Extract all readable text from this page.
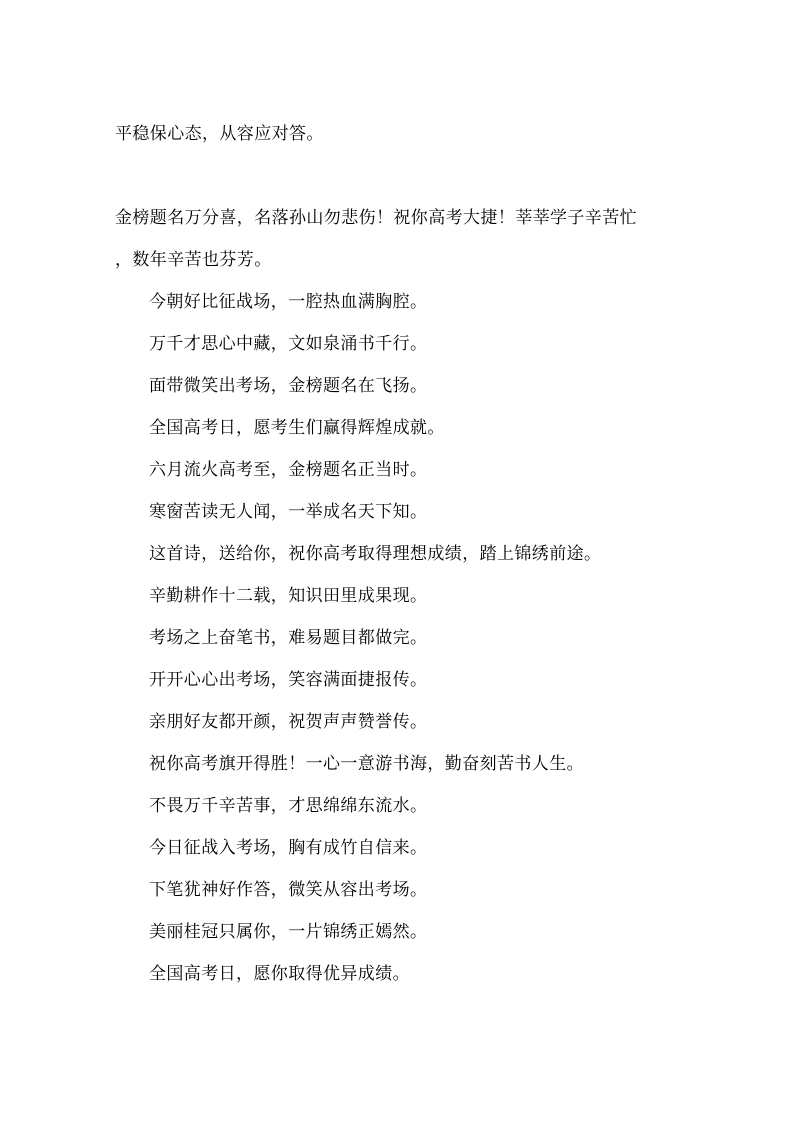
平稳保心态，从容应对答。
金榜题名万分喜，名落孙山勿悲伤！祝你高考大捷！莘莘学子辛苦忙
，数年辛苦也芬芳。
今朝好比征战场，一腔热血满胸腔。
万千才思心中藏，文如泉涌书千行。
面带微笑出考场，金榜题名在飞扬。
全国高考日，愿考生们赢得辉煌成就。
六月流火高考至，金榜题名正当时。
寒窗苦读无人闻，一举成名天下知。
这首诗，送给你，祝你高考取得理想成绩，踏上锦绣前途。
辛勤耕作十二载，知识田里成果现。
考场之上奋笔书，难易题目都做完。
开开心心出考场，笑容满面捷报传。
亲朋好友都开颜，祝贺声声赞誉传。
祝你高考旗开得胜！一心一意游书海，勤奋刻苦书人生。
不畏万千辛苦事，才思绵绵东流水。
今日征战入考场，胸有成竹自信来。
下笔犹神好作答，微笑从容出考场。
美丽桂冠只属你，一片锦绣正嫣然。
全国高考日，愿你取得优异成绩。
